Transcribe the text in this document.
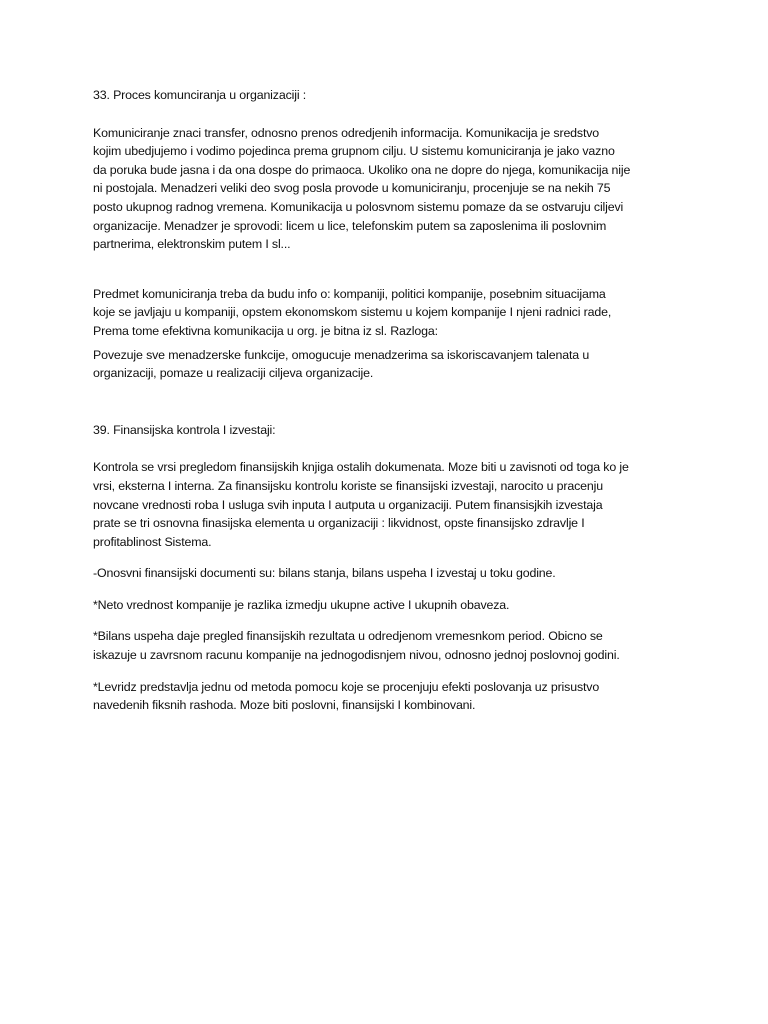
33. Proces komunciranja u organizaciji :

Komuniciranje znaci transfer, odnosno prenos odredjenih informacija. Komunikacija je sredstvo
kojim ubedjujemo i vodimo pojedinca prema grupnom cilju. U sistemu komuniciranja je jako vazno
da poruka bude jasna i da ona dospe do primaoca. Ukoliko ona ne dopre do njega, komunikacija nije
ni postojala. Menadzeri veliki deo svog posla provode u komuniciranju, procenjuje se na nekih 75
posto ukupnog radnog vremena. Komunikacija u polosvnom sistemu pomaze da se ostvaruju ciljevi
organizacije. Menadzer je sprovodi: licem u lice, telefonskim putem sa zaposlenima ili poslovnim
partnerima, elektronskim putem I sl...

Predmet komuniciranja treba da budu info o: kompaniji, politici kompanije, posebnim situacijama
koje se javljaju u kompaniji, opstem ekonomskom sistemu u kojem kompanije I njeni radnici rade,
Prema tome efektivna komunikacija u org. je bitna iz sl. Razloga:

Povezuje sve menadzerske funkcije, omogucuje menadzerima sa iskoriscavanjem talenata u
organizaciji, pomaze u realizaciji ciljeva organizacije.

39. Finansijska kontrola I izvestaji:

Kontrola se vrsi pregledom finansijskih knjiga ostalih dokumenata. Moze biti u zavisnoti od toga ko je
vrsi, eksterna I interna. Za finansijsku kontrolu koriste se finansijski izvestaji, narocito u pracenju
novcane vrednosti roba I usluga svih inputa I autputa u organizaciji. Putem finansisjkih izvestaja
prate se tri osnovna finasijska elementa u organizaciji : likvidnost, opste finansijsko zdravlje I
profitablinost Sistema.

-Onosvni finansijski documenti su: bilans stanja, bilans uspeha I izvestaj u toku godine.

*Neto vrednost kompanije je razlika izmedju ukupne active I ukupnih obaveza.

*Bilans uspeha daje pregled finansijskih rezultata u odredjenom vremesnkom period. Obicno se
iskazuje u zavrsnom racunu kompanije na jednogodisnjem nivou, odnosno jednoj poslovnoj godini.

*Levridz predstavlja jednu od metoda pomocu koje se procenjuju efekti poslovanja uz prisustvo
navedenih fiksnih rashoda. Moze biti poslovni, finansijski I kombinovani.
